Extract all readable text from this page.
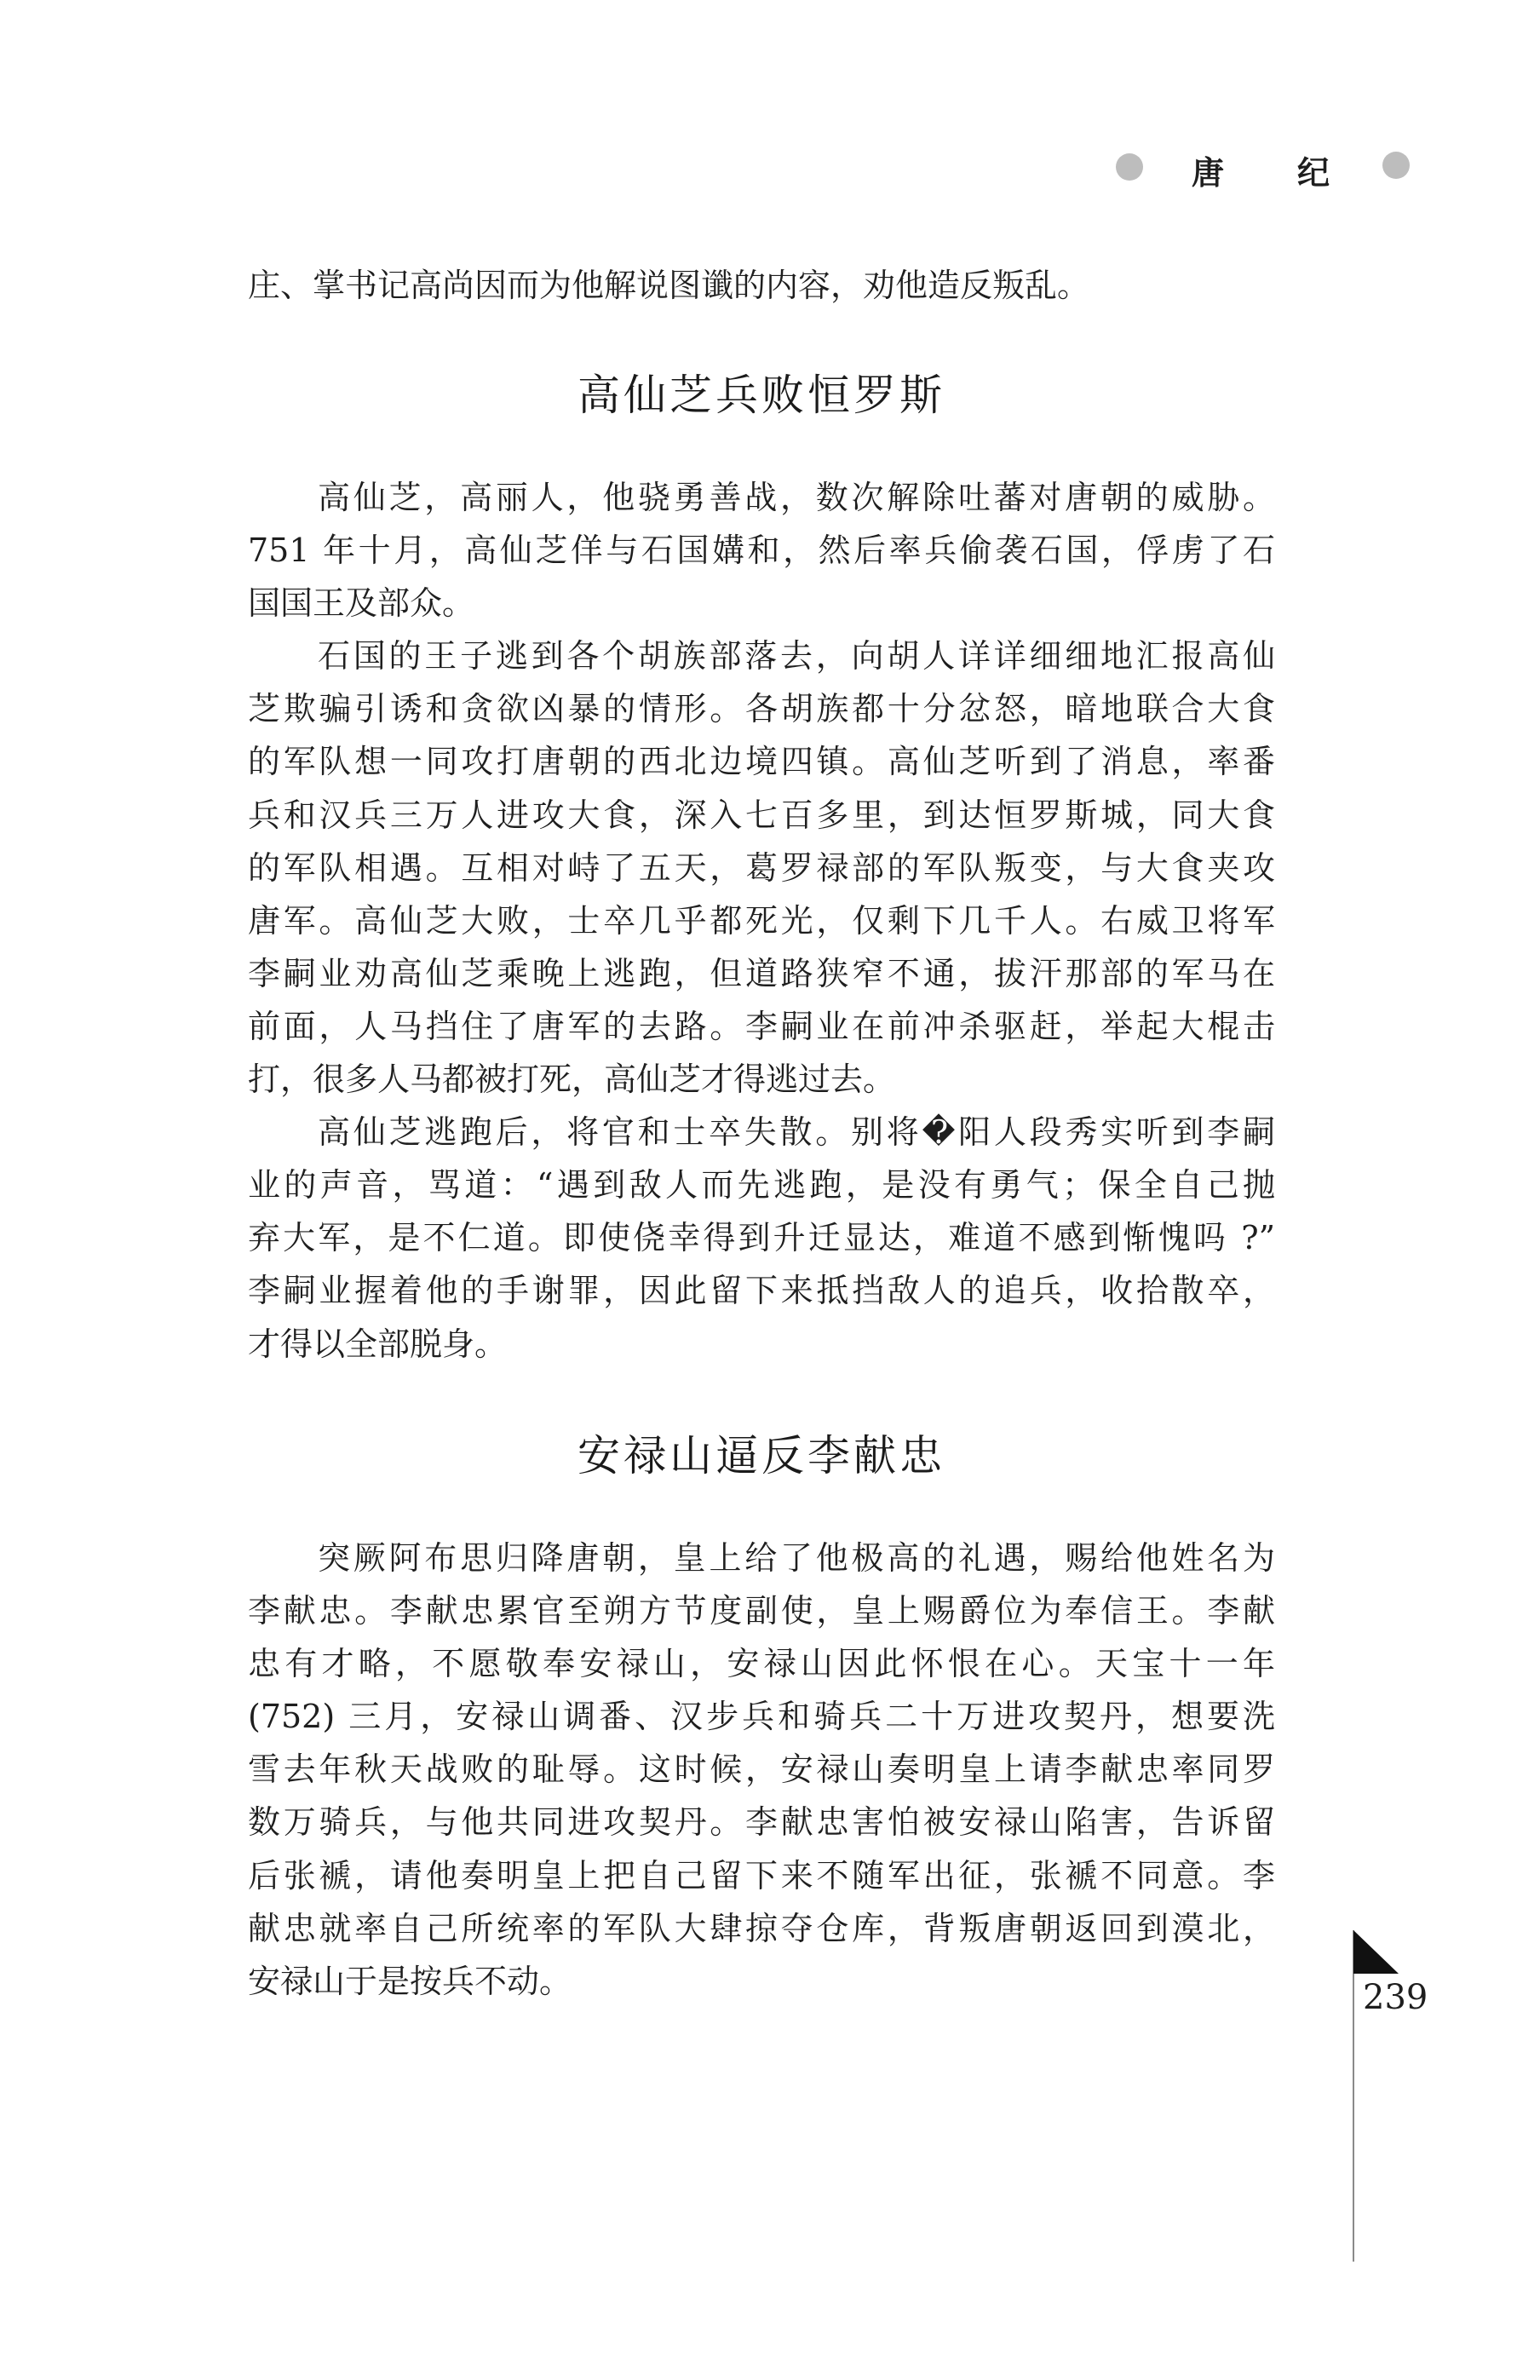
唐 纪
庄、掌书记高尚因而为他解说图谶的内容，劝他造反叛乱。
高仙芝兵败恒罗斯
高仙芝，高丽人，他骁勇善战，数次解除吐蕃对唐朝的威胁。
751 年十月，高仙芝佯与石国媾和，然后率兵偷袭石国，俘虏了石
国国王及部众。
石国的王子逃到各个胡族部落去，向胡人详详细细地汇报高仙
芝欺骗引诱和贪欲凶暴的情形。各胡族都十分忿怒，暗地联合大食
的军队想一同攻打唐朝的西北边境四镇。高仙芝听到了消息，率番
兵和汉兵三万人进攻大食，深入七百多里，到达恒罗斯城，同大食
的军队相遇。互相对峙了五天，葛罗禄部的军队叛变，与大食夹攻
唐军。高仙芝大败，士卒几乎都死光，仅剩下几千人。右威卫将军
李嗣业劝高仙芝乘晚上逃跑，但道路狭窄不通，拔汗那部的军马在
前面，人马挡住了唐军的去路。李嗣业在前冲杀驱赶，举起大棍击
打，很多人马都被打死，高仙芝才得逃过去。
高仙芝逃跑后，将官和士卒失散。别将�阳人段秀实听到李嗣
业的声音，骂道：“遇到敌人而先逃跑，是没有勇气；保全自己抛
弃大军，是不仁道。即使侥幸得到升迁显达，难道不感到惭愧吗 ?”
李嗣业握着他的手谢罪，因此留下来抵挡敌人的追兵，收拾散卒，
才得以全部脱身。
安禄山逼反李献忠
突厥阿布思归降唐朝，皇上给了他极高的礼遇，赐给他姓名为
李献忠。李献忠累官至朔方节度副使，皇上赐爵位为奉信王。李献
忠有才略，不愿敬奉安禄山，安禄山因此怀恨在心。天宝十一年
(752) 三月，安禄山调番、汉步兵和骑兵二十万进攻契丹，想要洗
雪去年秋天战败的耻辱。这时候，安禄山奏明皇上请李献忠率同罗
数万骑兵，与他共同进攻契丹。李献忠害怕被安禄山陷害，告诉留
后张褫，请他奏明皇上把自己留下来不随军出征，张褫不同意。李
献忠就率自己所统率的军队大肆掠夺仓库，背叛唐朝返回到漠北，
安禄山于是按兵不动。	239
